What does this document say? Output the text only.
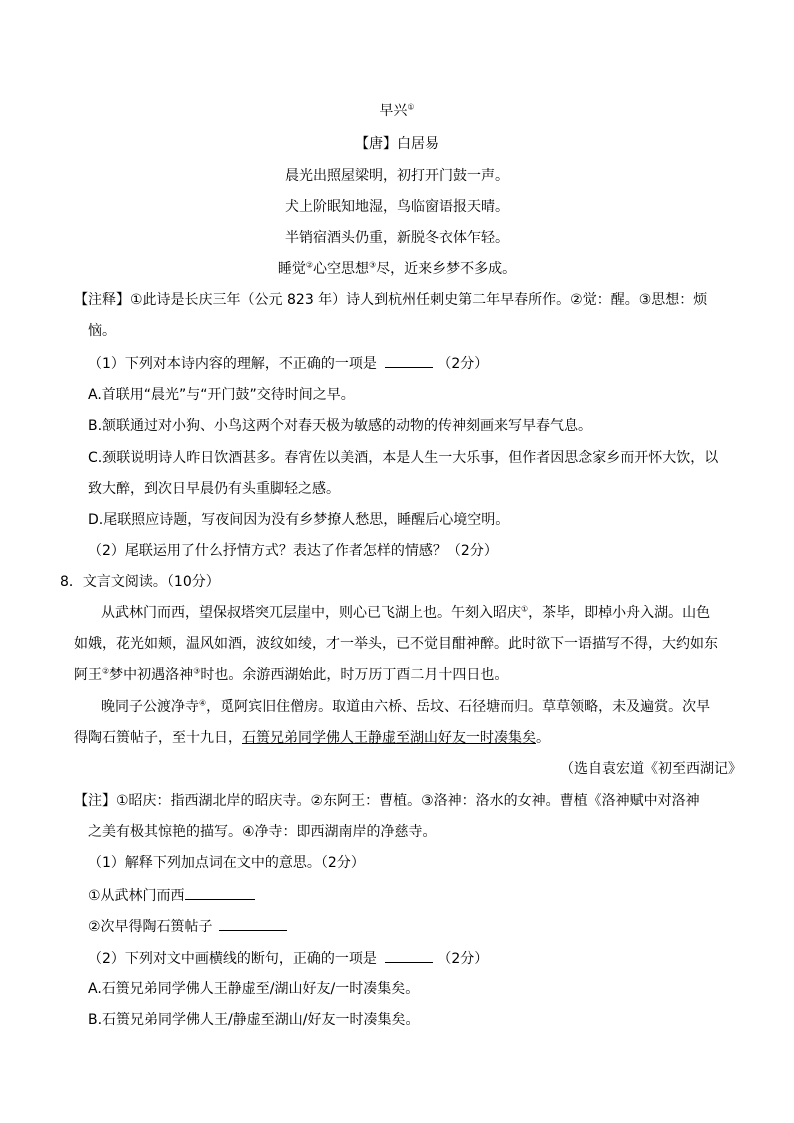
早兴①
【唐】白居易
晨光出照屋梁明，初打开门鼓一声。
犬上阶眠知地湿，鸟临窗语报天晴。
半销宿酒头仍重，新脱冬衣体乍轻。
睡觉②心空思想③尽，近来乡梦不多成。
【注释】①此诗是长庆三年（公元 823 年）诗人到杭州任刺史第二年早春所作。②觉：醒。③思想：烦
恼。
（1）下列对本诗内容的理解，不正确的一项是	（2分）
A.首联用“晨光”与“开门鼓”交待时间之早。
B.颔联通过对小狗、小鸟这两个对春天极为敏感的动物的传神刻画来写早春气息。
C.颈联说明诗人昨日饮酒甚多。春宵佐以美酒，本是人生一大乐事，但作者因思念家乡而开怀大饮，以
致大醉，到次日早晨仍有头重脚轻之感。
D.尾联照应诗题，写夜间因为没有乡梦撩人愁思，睡醒后心境空明。
（2）尾联运用了什么抒情方式？表达了作者怎样的情感？（2分）
8．文言文阅读。（10分）
从武林门而西，望保叔塔突兀层崖中，则心已飞湖上也。午刻入昭庆①，茶毕，即棹小舟入湖。山色
如娥，花光如颊，温风如酒，波纹如绫，才一举头，已不觉目酣神醉。此时欲下一语描写不得，大约如东
阿王②梦中初遇洛神③时也。余游西湖始此，时万历丁酉二月十四日也。
晚同子公渡净寺④，觅阿宾旧住僧房。取道由六桥、岳坟、石径塘而归。草草领略，未及遍赏。次早
得陶石篑帖子，至十九日，石篑兄弟同学佛人王静虚至湖山好友一时凑集矣。
（选自袁宏道《初至西湖记》
【注】①昭庆：指西湖北岸的昭庆寺。②东阿王：曹植。③洛神：洛水的女神。曹植《洛神赋中对洛神
之美有极其惊艳的描写。④净寺：即西湖南岸的净慈寺。
（1）解释下列加点词在文中的意思。（2分）
①从武林门而西
②次早得陶石篑帖子
（2）下列对文中画横线的断句，正确的一项是	（2分）
A.石篑兄弟同学佛人王静虚至/湖山好友/一时凑集矣。
B.石篑兄弟同学佛人王/静虚至湖山/好友一时凑集矣。
